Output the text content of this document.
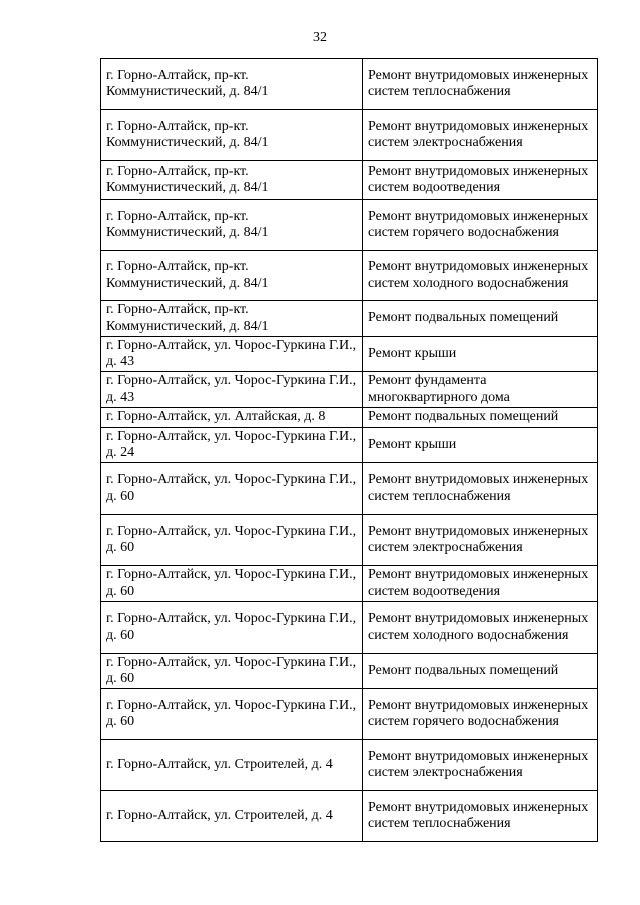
32
г. Горно-Алтайск, пр-кт. Коммунистический, д. 84/1	Ремонт внутридомовых инженерных систем теплоснабжения
г. Горно-Алтайск, пр-кт. Коммунистический, д. 84/1	Ремонт внутридомовых инженерных систем электроснабжения
г. Горно-Алтайск, пр-кт. Коммунистический, д. 84/1	Ремонт внутридомовых инженерных систем водоотведения
г. Горно-Алтайск, пр-кт. Коммунистический, д. 84/1	Ремонт внутридомовых инженерных систем горячего водоснабжения
г. Горно-Алтайск, пр-кт. Коммунистический, д. 84/1	Ремонт внутридомовых инженерных систем холодного водоснабжения
г. Горно-Алтайск, пр-кт. Коммунистический, д. 84/1	Ремонт подвальных помещений
г. Горно-Алтайск, ул. Чорос-Гуркина Г.И., д. 43	Ремонт крыши
г. Горно-Алтайск, ул. Чорос-Гуркина Г.И., д. 43	Ремонт фундамента многоквартирного дома
г. Горно-Алтайск, ул. Алтайская, д. 8	Ремонт подвальных помещений
г. Горно-Алтайск, ул. Чорос-Гуркина Г.И., д. 24	Ремонт крыши
г. Горно-Алтайск, ул. Чорос-Гуркина Г.И., д. 60	Ремонт внутридомовых инженерных систем теплоснабжения
г. Горно-Алтайск, ул. Чорос-Гуркина Г.И., д. 60	Ремонт внутридомовых инженерных систем электроснабжения
г. Горно-Алтайск, ул. Чорос-Гуркина Г.И., д. 60	Ремонт внутридомовых инженерных систем водоотведения
г. Горно-Алтайск, ул. Чорос-Гуркина Г.И., д. 60	Ремонт внутридомовых инженерных систем холодного водоснабжения
г. Горно-Алтайск, ул. Чорос-Гуркина Г.И., д. 60	Ремонт подвальных помещений
г. Горно-Алтайск, ул. Чорос-Гуркина Г.И., д. 60	Ремонт внутридомовых инженерных систем горячего водоснабжения
г. Горно-Алтайск, ул. Строителей, д. 4	Ремонт внутридомовых инженерных систем электроснабжения
г. Горно-Алтайск, ул. Строителей, д. 4	Ремонт внутридомовых инженерных систем теплоснабжения
